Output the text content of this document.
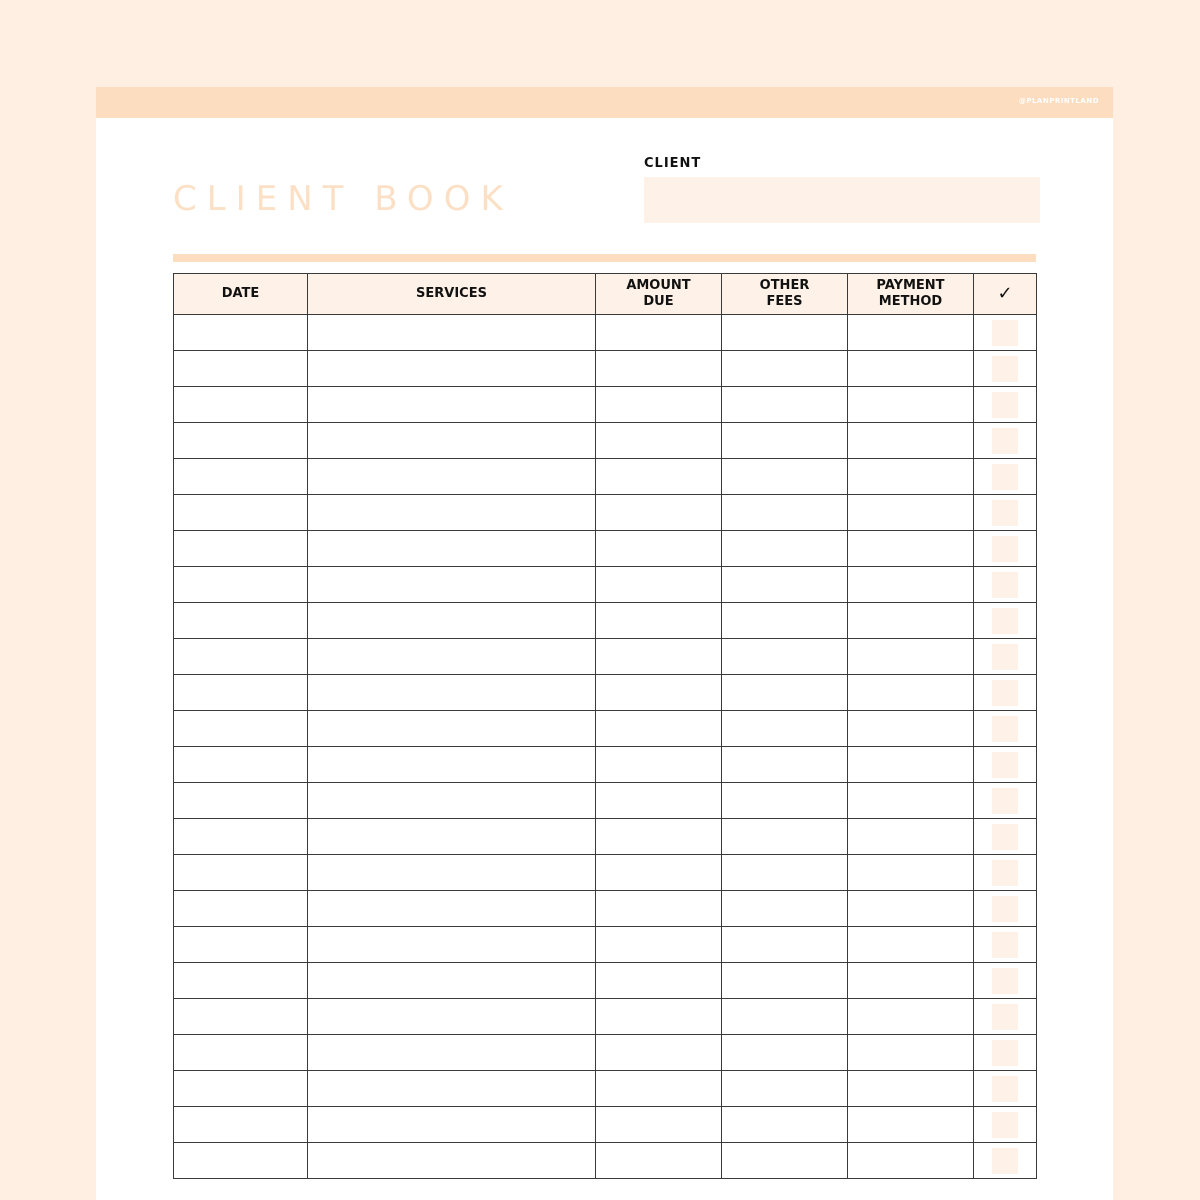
@PLANPRINTLAND
CLIENT BOOK
CLIENT
DATE	SERVICES	AMOUNT DUE	OTHER FEES	PAYMENT METHOD	✓
